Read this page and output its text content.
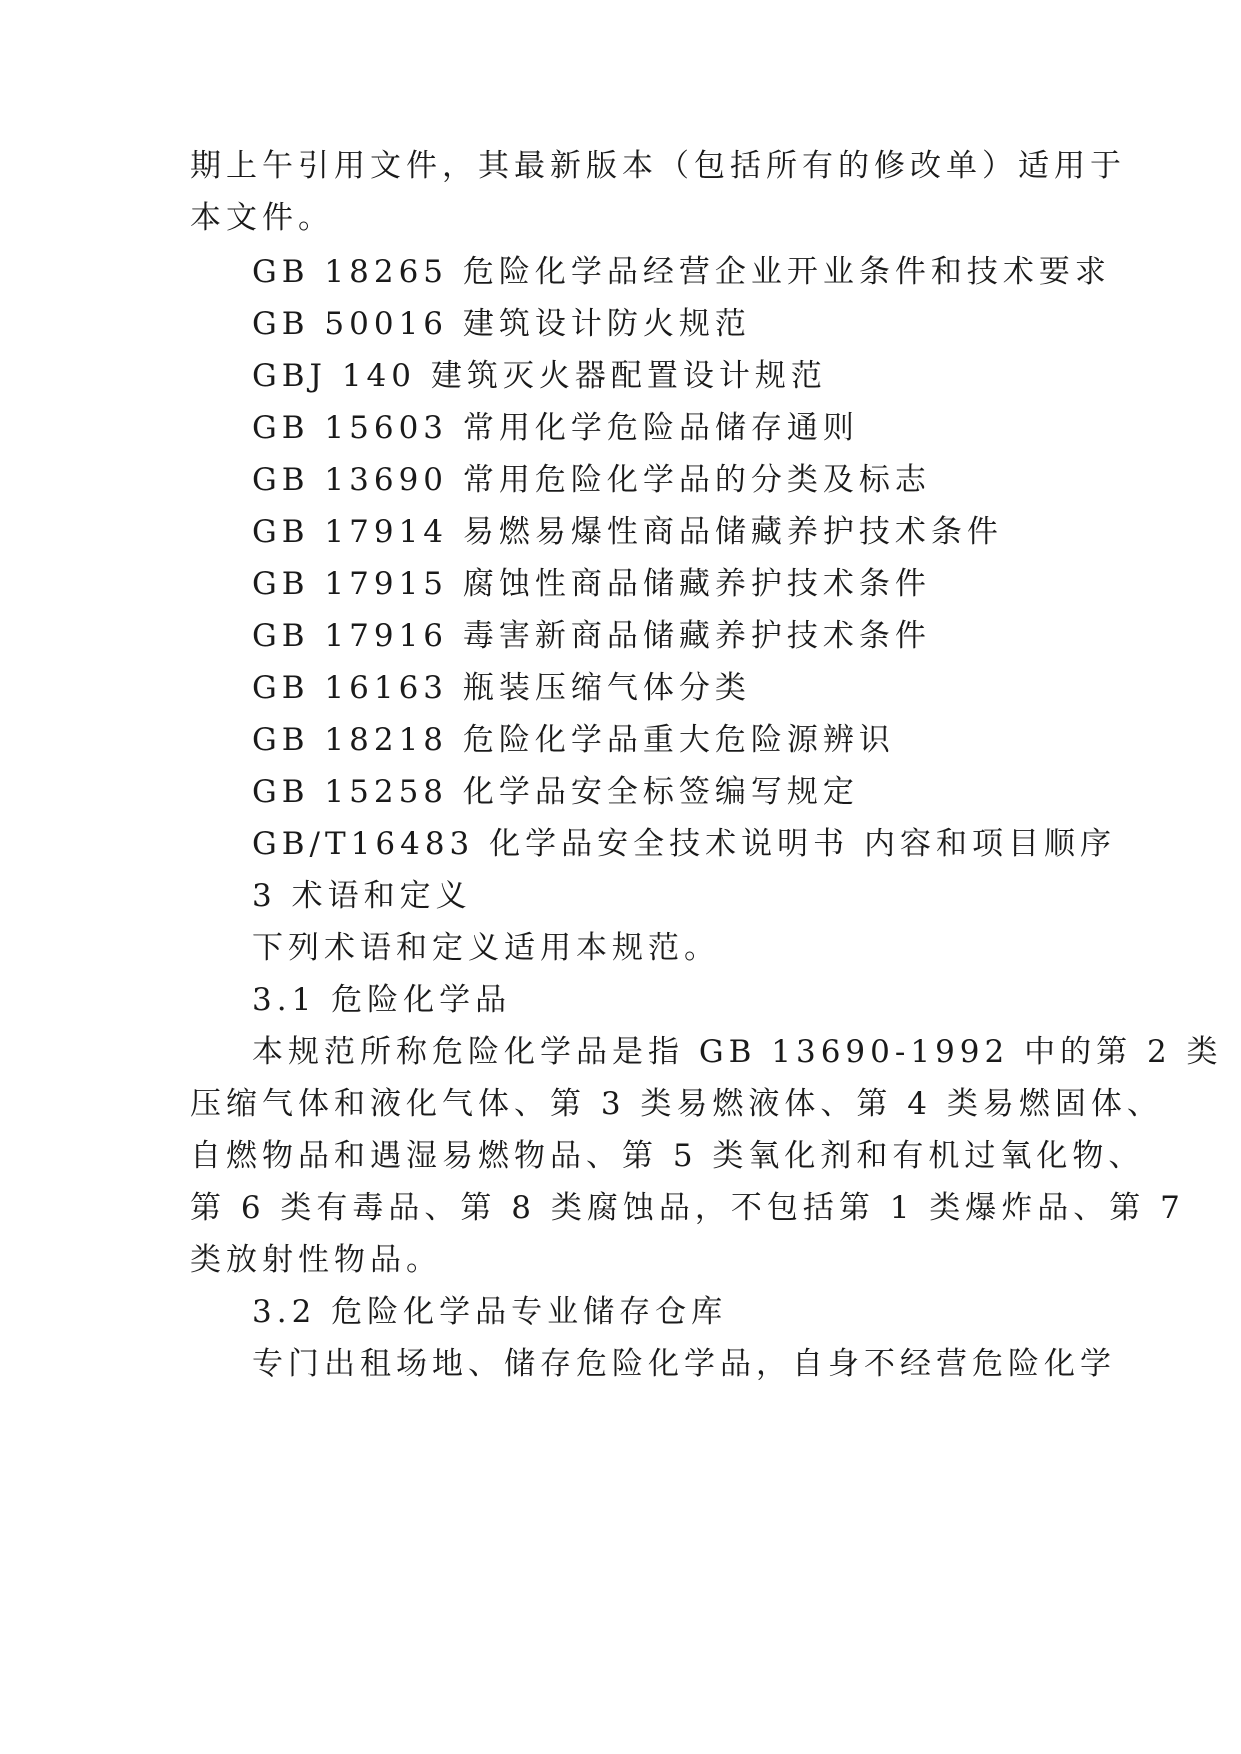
期上午引用文件，其最新版本（包括所有的修改单）适用于
本文件。
GB 18265 危险化学品经营企业开业条件和技术要求
GB 50016 建筑设计防火规范
GBJ 140 建筑灭火器配置设计规范
GB 15603 常用化学危险品储存通则
GB 13690 常用危险化学品的分类及标志
GB 17914 易燃易爆性商品储藏养护技术条件
GB 17915 腐蚀性商品储藏养护技术条件
GB 17916 毒害新商品储藏养护技术条件
GB 16163 瓶装压缩气体分类
GB 18218 危险化学品重大危险源辨识
GB 15258 化学品安全标签编写规定
GB/T16483 化学品安全技术说明书 内容和项目顺序
3 术语和定义
下列术语和定义适用本规范。
3.1 危险化学品
本规范所称危险化学品是指 GB 13690-1992 中的第 2 类
压缩气体和液化气体、第 3 类易燃液体、第 4 类易燃固体、
自燃物品和遇湿易燃物品、第 5 类氧化剂和有机过氧化物、
第 6 类有毒品、第 8 类腐蚀品，不包括第 1 类爆炸品、第 7
类放射性物品。
3.2 危险化学品专业储存仓库
专门出租场地、储存危险化学品，自身不经营危险化学
